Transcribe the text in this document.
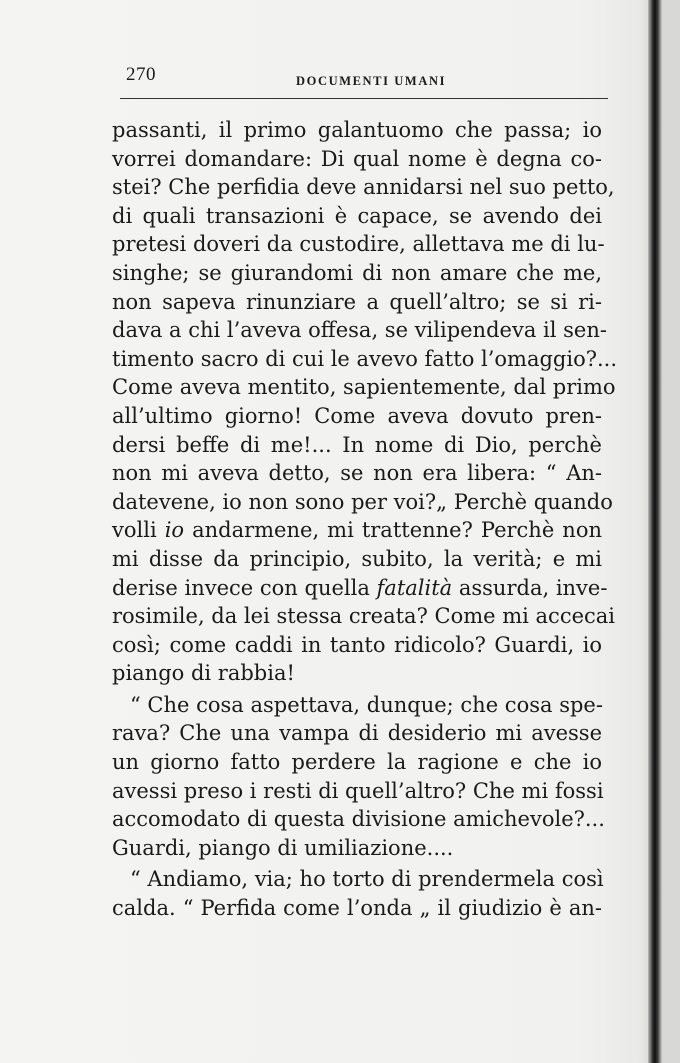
270	DOCUMENTI UMANI
passanti, il primo galantuomo che passa; io
vorrei domandare: Di qual nome è degna co-
stei? Che perfidia deve annidarsi nel suo petto,
di quali transazioni è capace, se avendo dei
pretesi doveri da custodire, allettava me di lu-
singhe; se giurandomi di non amare che me,
non sapeva rinunziare a quell’altro; se si ri-
dava a chi l’aveva offesa, se vilipendeva il sen-
timento sacro di cui le avevo fatto l’omaggio?...
Come aveva mentito, sapientemente, dal primo
all’ultimo giorno! Come aveva dovuto pren-
dersi beffe di me!... In nome di Dio, perchè
non mi aveva detto, se non era libera: “ An-
datevene, io non sono per voi?„ Perchè quando
volli io andarmene, mi trattenne? Perchè non
mi disse da principio, subito, la verità; e mi
derise invece con quella fatalità assurda, inve-
rosimile, da lei stessa creata? Come mi accecai
così; come caddi in tanto ridicolo? Guardi, io
piango di rabbia!
“ Che cosa aspettava, dunque; che cosa spe-
rava? Che una vampa di desiderio mi avesse
un giorno fatto perdere la ragione e che io
avessi preso i resti di quell’altro? Che mi fossi
accomodato di questa divisione amichevole?...
Guardi, piango di umiliazione....
“ Andiamo, via; ho torto di prendermela così
calda. “ Perfida come l’onda „ il giudizio è an-
